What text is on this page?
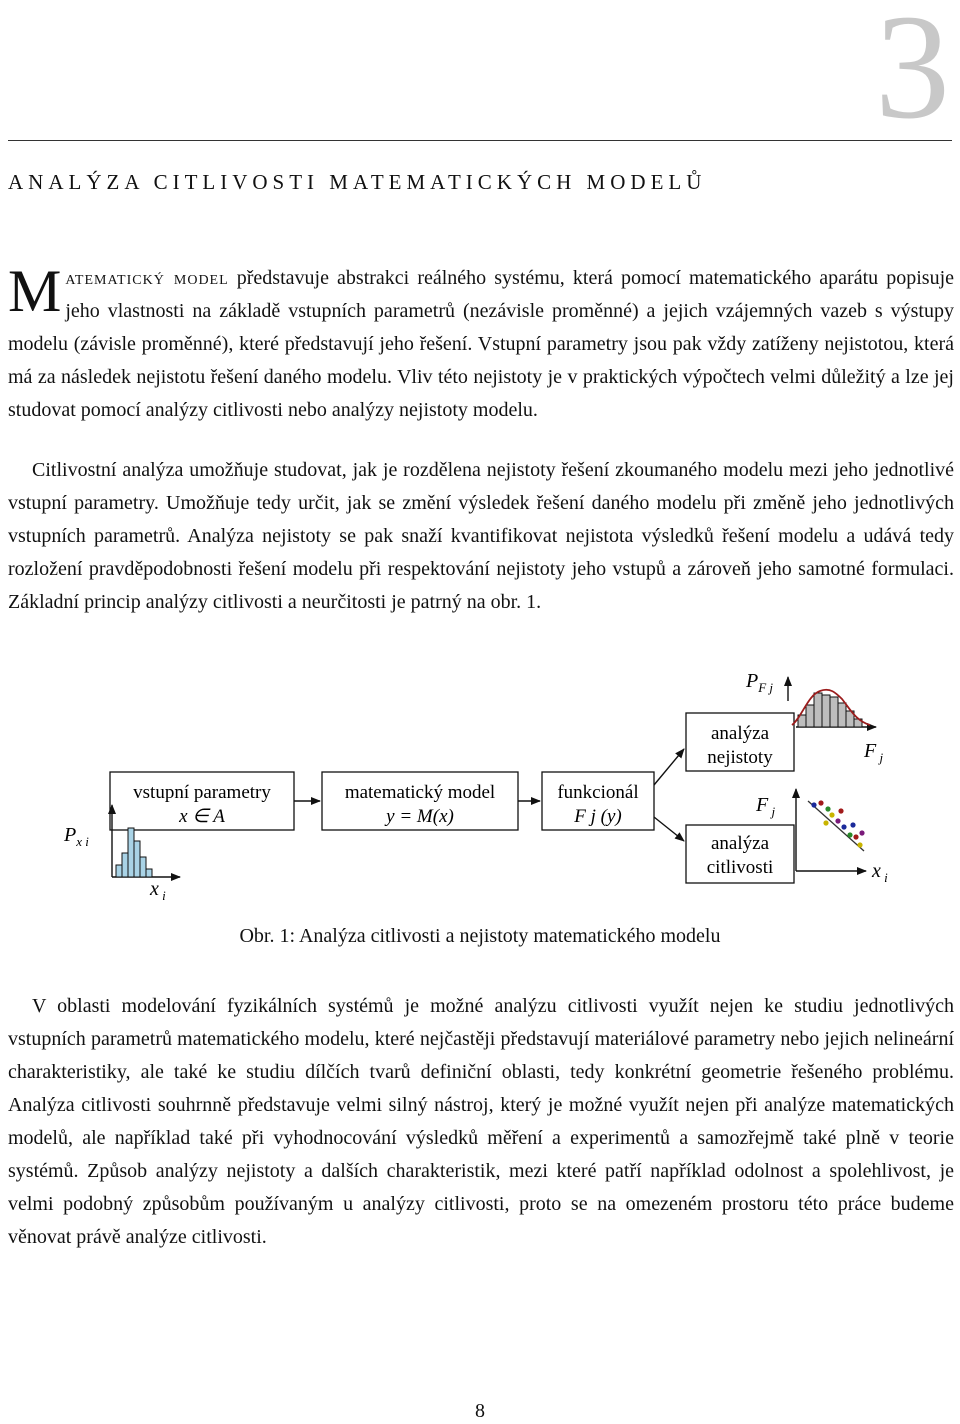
3
ANALÝZA CITLIVOSTI MATEMATICKÝCH MODELŮ

Matematický model představuje abstrakci reálného systému, která pomocí matematického aparátu popisuje jeho vlastnosti na základě vstupních parametrů (nezávisle proměnné) a jejich vzájemných vazeb s výstupy modelu (závisle proměnné), které představují jeho řešení. Vstupní parametry jsou pak vždy zatíženy nejistotou, která má za následek nejistotu řešení daného modelu. Vliv této nejistoty je v praktických výpočtech velmi důležitý a lze jej studovat pomocí analýzy citlivosti nebo analýzy nejistoty modelu.

Citlivostní analýza umožňuje studovat, jak je rozdělena nejistoty řešení zkoumaného modelu mezi jeho jednotlivé vstupní parametry. Umožňuje tedy určit, jak se změní výsledek řešení daného modelu při změně jeho jednotlivých vstupních parametrů. Analýza nejistoty se pak snaží kvantifikovat nejistota výsledků řešení modelu a udává tedy rozložení pravděpodobnosti řešení modelu při respektování nejistoty jeho vstupů a zároveň jeho samotné formulaci. Základní princip analýzy citlivosti a neurčitosti je patrný na obr. 1.

vstupní parametry
x ∈ A
matematický model
y = M(x)
funkcionál
F j (y)
analýza
nejistoty
analýza
citlivosti
$P_{x i}$
x $_i$
$P_{F j}$
F $_j$
F $_j$
x $_i$
Obr. 1: Analýza citlivosti a nejistoty matematického modelu

V oblasti modelování fyzikálních systémů je možné analýzu citlivosti využít nejen ke studiu jednotlivých vstupních parametrů matematického modelu, které nejčastěji představují materiálové parametry nebo jejich nelineární charakteristiky, ale také ke studiu dílčích tvarů definiční oblasti, tedy konkrétní geometrie řešeného problému. Analýza citlivosti souhrnně představuje velmi silný nástroj, který je možné využít nejen při analýze matematických modelů, ale například také při vyhodnocování výsledků měření a experimentů a samozřejmě také plně v teorie systémů. Způsob analýzy nejistoty a dalších charakteristik, mezi které patří například odolnost a spolehlivost, je velmi podobný způsobům používaným u analýzy citlivosti, proto se na omezeném prostoru této práce budeme věnovat právě analýze citlivosti.

8
